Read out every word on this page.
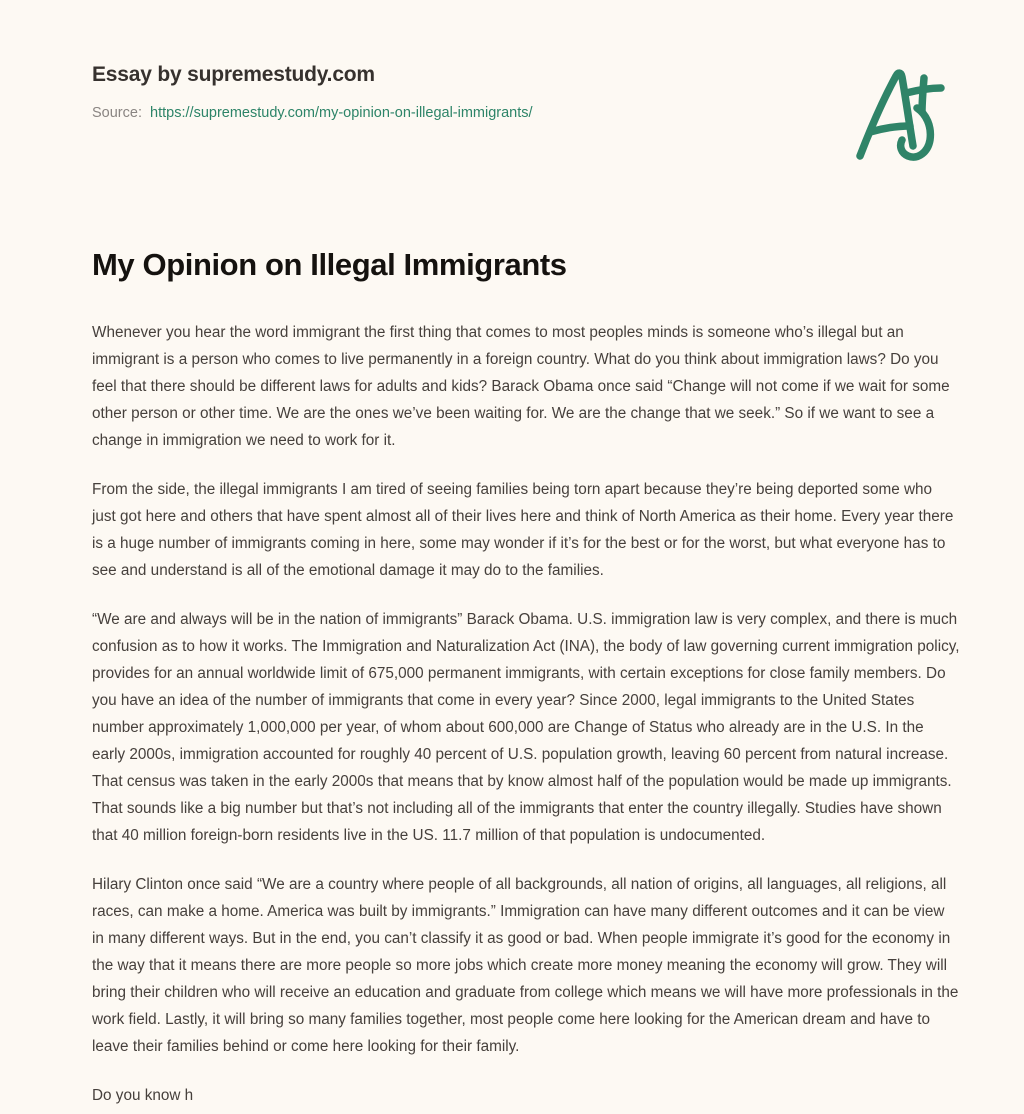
Essay by supremestudy.com
Source: https://supremestudy.com/my-opinion-on-illegal-immigrants/
My Opinion on Illegal Immigrants

Whenever you hear the word immigrant the first thing that comes to most peoples minds is someone who’s illegal but an immigrant is a person who comes to live permanently in a foreign country. What do you think about immigration laws? Do you feel that there should be different laws for adults and kids? Barack Obama once said “Change will not come if we wait for some other person or other time. We are the ones we’ve been waiting for. We are the change that we seek.” So if we want to see a change in immigration we need to work for it.

From the side, the illegal immigrants I am tired of seeing families being torn apart because they’re being deported some who just got here and others that have spent almost all of their lives here and think of North America as their home. Every year there is a huge number of immigrants coming in here, some may wonder if it’s for the best or for the worst, but what everyone has to see and understand is all of the emotional damage it may do to the families.

“We are and always will be in the nation of immigrants” Barack Obama. U.S. immigration law is very complex, and there is much confusion as to how it works. The Immigration and Naturalization Act (INA), the body of law governing current immigration policy, provides for an annual worldwide limit of 675,000 permanent immigrants, with certain exceptions for close family members. Do you have an idea of the number of immigrants that come in every year? Since 2000, legal immigrants to the United States number approximately 1,000,000 per year, of whom about 600,000 are Change of Status who already are in the U.S. In the early 2000s, immigration accounted for roughly 40 percent of U.S. population growth, leaving 60 percent from natural increase. That census was taken in the early 2000s that means that by know almost half of the population would be made up immigrants. That sounds like a big number but that’s not including all of the immigrants that enter the country illegally. Studies have shown that 40 million foreign-born residents live in the US. 11.7 million of that population is undocumented.

Hilary Clinton once said “We are a country where people of all backgrounds, all nation of origins, all languages, all religions, all races, can make a home. America was built by immigrants.” Immigration can have many different outcomes and it can be view in many different ways. But in the end, you can’t classify it as good or bad. When people immigrate it’s good for the economy in the way that it means there are more people so more jobs which create more money meaning the economy will grow. They will bring their children who will receive an education and graduate from college which means we will have more professionals in the work field. Lastly, it will bring so many families together, most people come here looking for the American dream and have to leave their families behind or come here looking for their family.

Do you know h
